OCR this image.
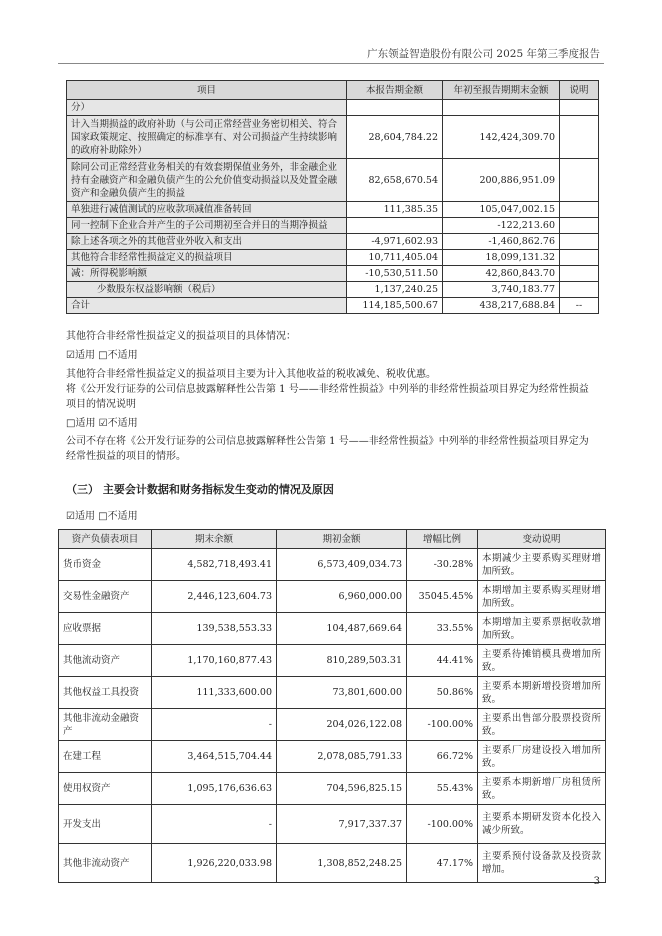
广东领益智造股份有限公司 2025 年第三季度报告
项目	本报告期金额	年初至报告期期末金额	说明
分）			
计入当期损益的政府补助（与公司正常经营业务密切相关、符合国家政策规定、按照确定的标准享有、对公司损益产生持续影响的政府补助除外）	28,604,784.22	142,424,309.70	
除同公司正常经营业务相关的有效套期保值业务外，非金融企业持有金融资产和金融负债产生的公允价值变动损益以及处置金融资产和金融负债产生的损益	82,658,670.54	200,886,951.09	
单独进行减值测试的应收款项减值准备转回	111,385.35	105,047,002.15	
同一控制下企业合并产生的子公司期初至合并日的当期净损益		-122,213.60	
除上述各项之外的其他营业外收入和支出	-4,971,602.93	-1,460,862.76	
其他符合非经常性损益定义的损益项目	10,711,405.04	18,099,131.32	
减：所得税影响额	-10,530,511.50	42,860,843.70	
少数股东权益影响额（税后）	1,137,240.25	3,740,183.77	
合计	114,185,500.67	438,217,688.84	--
其他符合非经常性损益定义的损益项目的具体情况：
☑适用 □不适用
其他符合非经常性损益定义的损益项目主要为计入其他收益的税收减免、税收优惠。
将《公开发行证券的公司信息披露解释性公告第 1 号——非经常性损益》中列举的非经常性损益项目界定为经常性损益项目的情况说明
□适用 ☑不适用
公司不存在将《公开发行证券的公司信息披露解释性公告第 1 号——非经常性损益》中列举的非经常性损益项目界定为经常性损益的项目的情形。
（三） 主要会计数据和财务指标发生变动的情况及原因
☑适用 □不适用
资产负债表项目	期末余额	期初金额	增幅比例	变动说明
货币资金	4,582,718,493.41	6,573,409,034.73	-30.28%	本期减少主要系购买理财增加所致。
交易性金融资产	2,446,123,604.73	6,960,000.00	35045.45%	本期增加主要系购买理财增加所致。
应收票据	139,538,553.33	104,487,669.64	33.55%	本期增加主要系票据收款增加所致。
其他流动资产	1,170,160,877.43	810,289,503.31	44.41%	主要系待摊销模具费增加所致。
其他权益工具投资	111,333,600.00	73,801,600.00	50.86%	主要系本期新增投资增加所致。
其他非流动金融资产	-	204,026,122.08	-100.00%	主要系出售部分股票投资所致。
在建工程	3,464,515,704.44	2,078,085,791.33	66.72%	主要系厂房建设投入增加所致。
使用权资产	1,095,176,636.63	704,596,825.15	55.43%	主要系本期新增厂房租赁所致。
开发支出	-	7,917,337.37	-100.00%	主要系本期研发资本化投入减少所致。
其他非流动资产	1,926,220,033.98	1,308,852,248.25	47.17%	主要系预付设备款及投资款增加。
3
